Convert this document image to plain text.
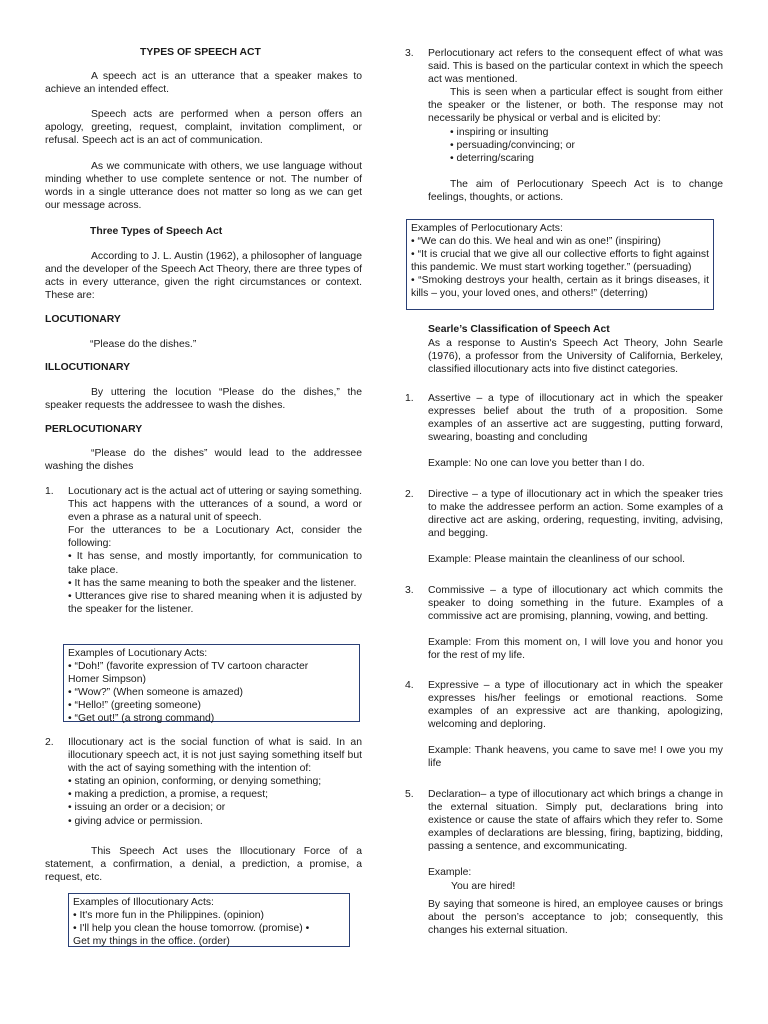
TYPES OF SPEECH ACT

A speech act is an utterance that a speaker makes to achieve an intended effect.

Speech acts are performed when a person offers an apology, greeting, request, complaint, invitation compliment, or refusal. Speech act is an act of communication.

As we communicate with others, we use language without minding whether to use complete sentence or not. The number of words in a single utterance does not matter so long as we can get our message across.

Three Types of Speech Act

According to J. L. Austin (1962), a philosopher of language and the developer of the Speech Act Theory, there are three types of acts in every utterance, given the right circumstances or context. These are:

LOCUTIONARY
“Please do the dishes.”
ILLOCUTIONARY

By uttering the locution “Please do the dishes,” the speaker requests the addressee to wash the dishes.

PERLOCUTIONARY

“Please do the dishes” would lead to the addressee washing the dishes

1. Locutionary act is the actual act of uttering or saying something. This act happens with the utterances of a sound, a word or even a phrase as a natural unit of speech.

For the utterances to be a Locutionary Act, consider the following:

• It has sense, and mostly importantly, for communication to take place.

• It has the same meaning to both the speaker and the listener.

• Utterances give rise to shared meaning when it is adjusted by the speaker for the listener.

Examples of Locutionary Acts:

• “Doh!” (favorite expression of TV cartoon character

Homer Simpson)

• “Wow?” (When someone is amazed)

• “Hello!” (greeting someone)

• “Get out!” (a strong command)

2. Illocutionary act is the social function of what is said. In an illocutionary speech act, it is not just saying something itself but with the act of saying something with the intention of:

• stating an opinion, conforming, or denying something;

• making a prediction, a promise, a request;

• issuing an order or a decision; or

• giving advice or permission.

This Speech Act uses the Illocutionary Force of a statement, a confirmation, a denial, a prediction, a promise, a request, etc.

Examples of Illocutionary Acts:

• It's more fun in the Philippines. (opinion)

• I'll help you clean the house tomorrow. (promise) •

Get my things in the office. (order)

3. Perlocutionary act refers to the consequent effect of what was said. This is based on the particular context in which the speech act was mentioned.

This is seen when a particular effect is sought from either the speaker or the listener, or both. The response may not necessarily be physical or verbal and is elicited by:

• inspiring or insulting

• persuading/convincing; or

• deterring/scaring

The aim of Perlocutionary Speech Act is to change feelings, thoughts, or actions.

Examples of Perlocutionary Acts:

• “We can do this. We heal and win as one!” (inspiring)

• “It is crucial that we give all our collective efforts to fight against this pandemic. We must start working together.” (persuading)

• “Smoking destroys your health, certain as it brings diseases, it kills – you, your loved ones, and others!” (deterring)

Searle’s Classification of Speech Act

As a response to Austin's Speech Act Theory, John Searle (1976), a professor from the University of California, Berkeley, classified illocutionary acts into five distinct categories.

1. Assertive – a type of illocutionary act in which the speaker expresses belief about the truth of a proposition. Some examples of an assertive act are suggesting, putting forward, swearing, boasting and concluding

Example: No one can love you better than I do.

2. Directive – a type of illocutionary act in which the speaker tries to make the addressee perform an action. Some examples of a directive act are asking, ordering, requesting, inviting, advising, and begging.

Example: Please maintain the cleanliness of our school.

3. Commissive – a type of illocutionary act which commits the speaker to doing something in the future. Examples of a commissive act are promising, planning, vowing, and betting.

Example: From this moment on, I will love you and honor you for the rest of my life.

4. Expressive – a type of illocutionary act in which the speaker expresses his/her feelings or emotional reactions. Some examples of an expressive act are thanking, apologizing, welcoming and deploring.

Example: Thank heavens, you came to save me! I owe you my life

5. Declaration– a type of illocutionary act which brings a change in the external situation. Simply put, declarations bring into existence or cause the state of affairs which they refer to. Some examples of declarations are blessing, firing, baptizing, bidding, passing a sentence, and excommunicating.

Example:

You are hired!

By saying that someone is hired, an employee causes or brings about the person’s acceptance to job; consequently, this changes his external situation.
